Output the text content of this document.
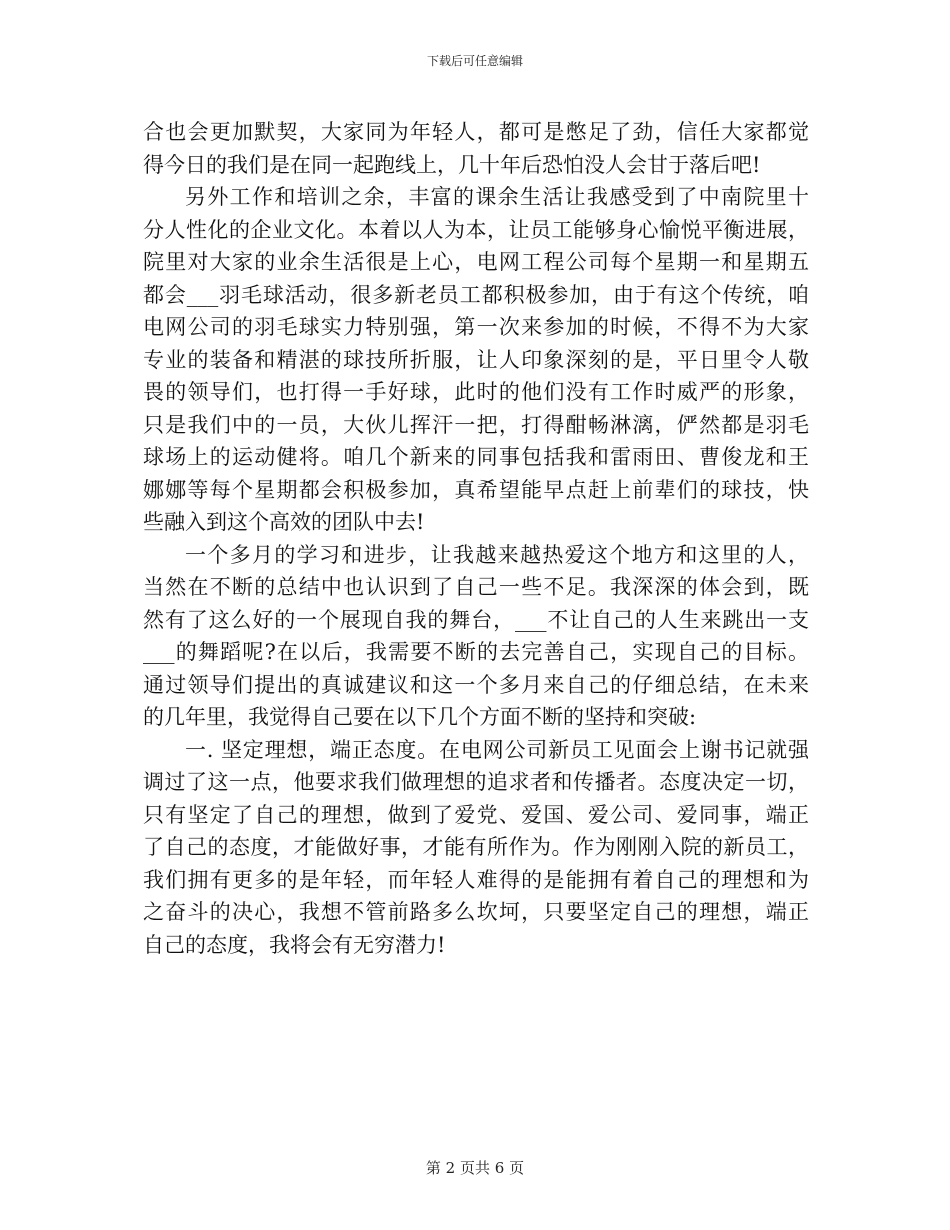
下载后可任意编辑
合也会更加默契，大家同为年轻人，都可是憋足了劲，信任大家都觉
得今日的我们是在同一起跑线上，几十年后恐怕没人会甘于落后吧!
另外工作和培训之余，丰富的课余生活让我感受到了中南院里十
分人性化的企业文化。本着以人为本，让员工能够身心愉悦平衡进展，
院里对大家的业余生活很是上心，电网工程公司每个星期一和星期五
都会___羽毛球活动，很多新老员工都积极参加，由于有这个传统，咱
电网公司的羽毛球实力特别强，第一次来参加的时候，不得不为大家
专业的装备和精湛的球技所折服，让人印象深刻的是，平日里令人敬
畏的领导们，也打得一手好球，此时的他们没有工作时威严的形象，
只是我们中的一员，大伙儿挥汗一把，打得酣畅淋漓，俨然都是羽毛
球场上的运动健将。咱几个新来的同事包括我和雷雨田、曹俊龙和王
娜娜等每个星期都会积极参加，真希望能早点赶上前辈们的球技，快
些融入到这个高效的团队中去!
一个多月的学习和进步，让我越来越热爱这个地方和这里的人，
当然在不断的总结中也认识到了自己一些不足。我深深的体会到，既
然有了这么好的一个展现自我的舞台，___不让自己的人生来跳出一支
___的舞蹈呢?在以后，我需要不断的去完善自己，实现自己的目标。
通过领导们提出的真诚建议和这一个多月来自己的仔细总结，在未来
的几年里，我觉得自己要在以下几个方面不断的坚持和突破:
一. 坚定理想，端正态度。在电网公司新员工见面会上谢书记就强
调过了这一点，他要求我们做理想的追求者和传播者。态度决定一切，
只有坚定了自己的理想，做到了爱党、爱国、爱公司、爱同事，端正
了自己的态度，才能做好事，才能有所作为。作为刚刚入院的新员工，
我们拥有更多的是年轻，而年轻人难得的是能拥有着自己的理想和为
之奋斗的决心，我想不管前路多么坎坷，只要坚定自己的理想，端正
自己的态度，我将会有无穷潜力!
第 2 页共 6 页
